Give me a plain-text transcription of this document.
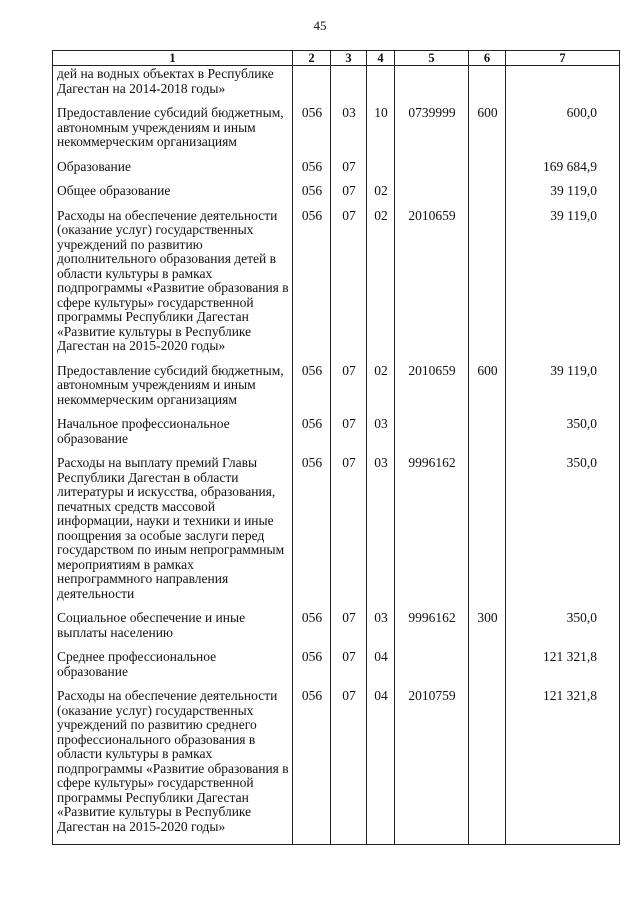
45
1	2	3	4	5	6	7
дей на водных объектах в Республике Дагестан на 2014-2018 годы»						
Предоставление субсидий бюджетным, автономным учреждениям и иным некоммерческим организациям	056	03	10	0739999	600	600,0
Образование	056	07				169 684,9
Общее образование	056	07	02			39 119,0
Расходы на обеспечение деятельности (оказание услуг) государственных учреждений по развитию дополнительного образования детей в области культуры в рамках подпрограммы «Развитие образования в сфере культуры» государственной программы Республики Дагестан «Развитие культуры в Республике Дагестан на 2015-2020 годы»	056	07	02	2010659		39 119,0
Предоставление субсидий бюджетным, автономным учреждениям и иным некоммерческим организациям	056	07	02	2010659	600	39 119,0
Начальное профессиональное образование	056	07	03			350,0
Расходы на выплату премий Главы Республики Дагестан в области литературы и искусства, образования, печатных средств массовой информации, науки и техники и иные поощрения за особые заслуги перед государством по иным непрограммным мероприятиям в рамках непрограммного направления деятельности	056	07	03	9996162		350,0
Социальное обеспечение и иные выплаты населению	056	07	03	9996162	300	350,0
Среднее профессиональное образование	056	07	04			121 321,8
Расходы на обеспечение деятельности (оказание услуг) государственных учреждений по развитию среднего профессионального образования в области культуры в рамках подпрограммы «Развитие образования в сфере культуры» государственной программы Республики Дагестан «Развитие культуры в Республике Дагестан на 2015-2020 годы»	056	07	04	2010759		121 321,8
